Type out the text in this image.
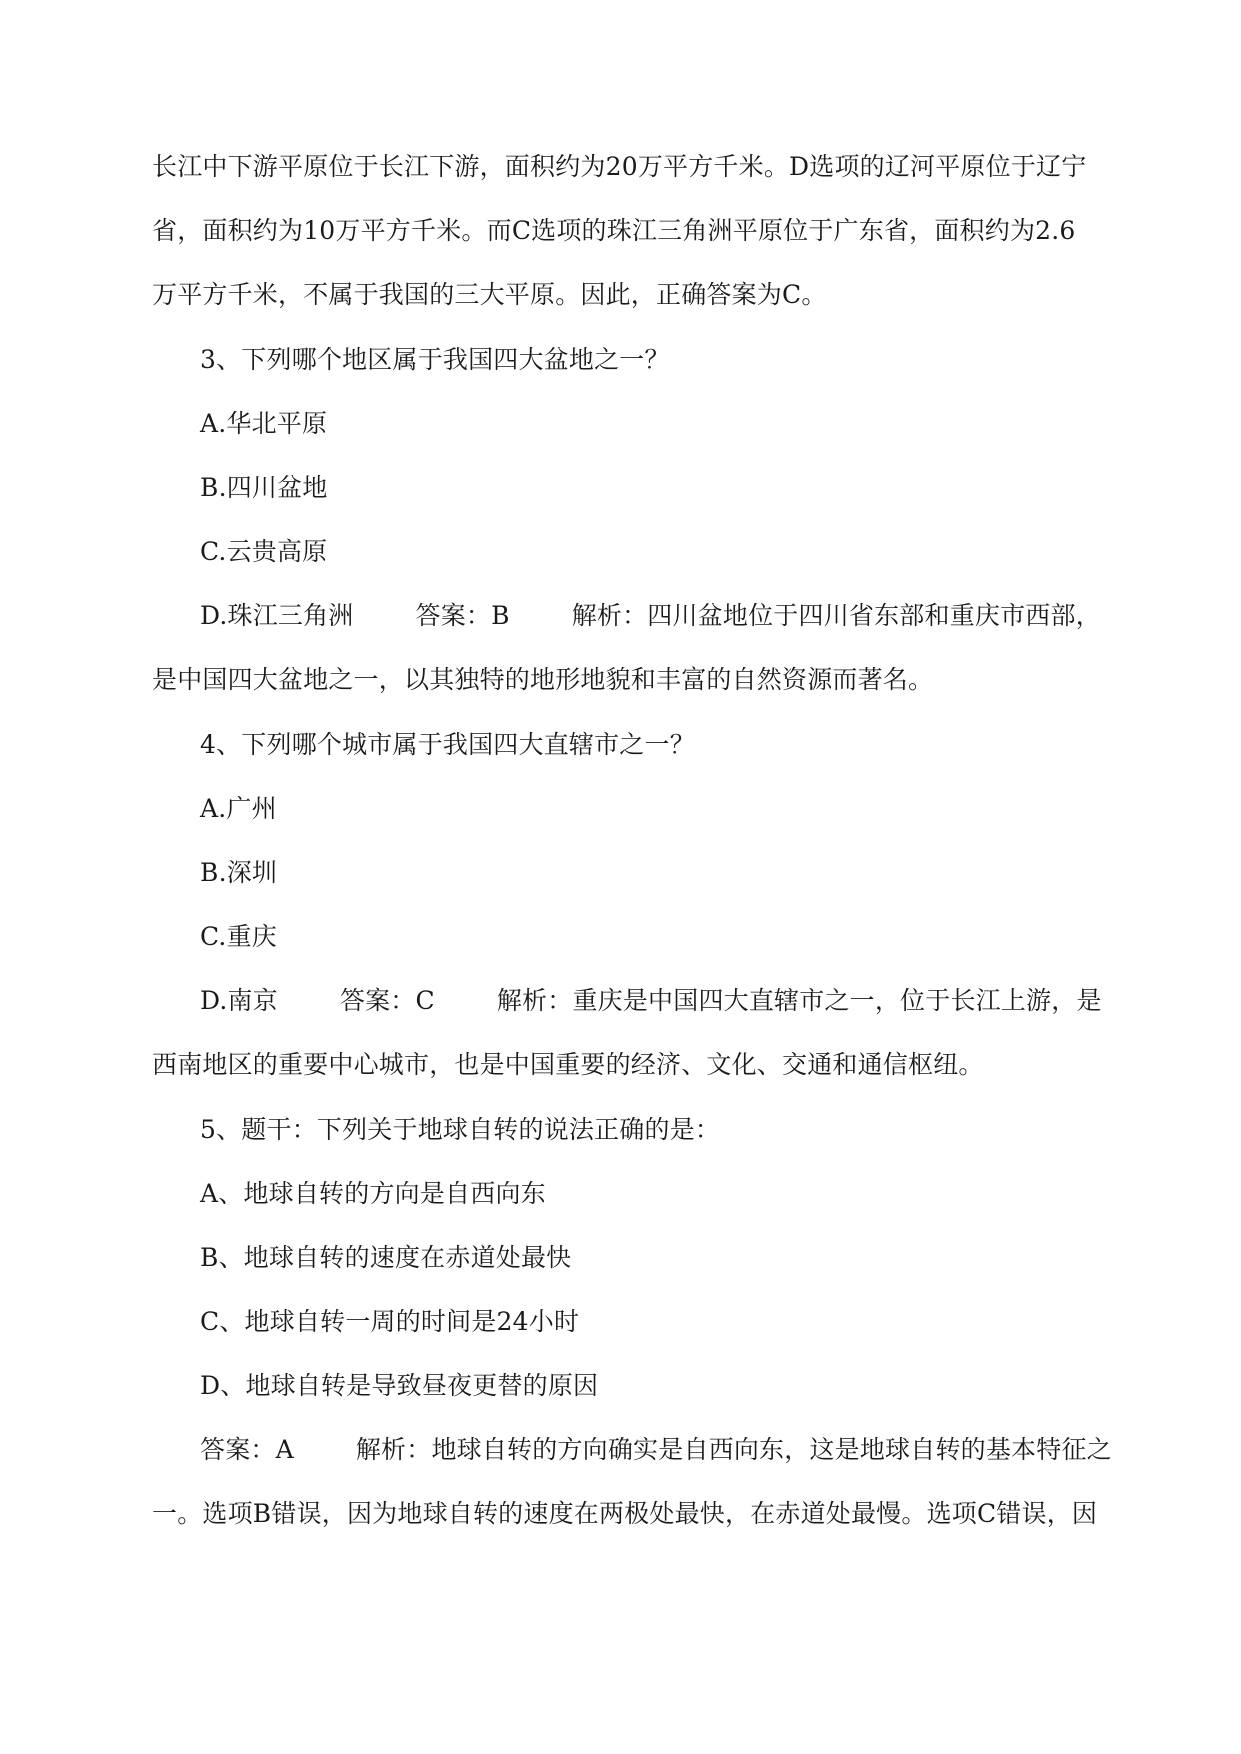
长江中下游平原位于长江下游，面积约为20万平方千米。D选项的辽河平原位于辽宁
省，面积约为10万平方千米。而C选项的珠江三角洲平原位于广东省，面积约为2.6
万平方千米，不属于我国的三大平原。因此，正确答案为C。
3、下列哪个地区属于我国四大盆地之一？
A.华北平原
B.四川盆地
C.云贵高原
D.珠江三角洲 答案：B 解析：四川盆地位于四川省东部和重庆市西部，
是中国四大盆地之一，以其独特的地形地貌和丰富的自然资源而著名。
4、下列哪个城市属于我国四大直辖市之一？
A.广州
B.深圳
C.重庆
D.南京 答案：C 解析：重庆是中国四大直辖市之一，位于长江上游，是
西南地区的重要中心城市，也是中国重要的经济、文化、交通和通信枢纽。
5、题干：下列关于地球自转的说法正确的是：
A、地球自转的方向是自西向东
B、地球自转的速度在赤道处最快
C、地球自转一周的时间是24小时
D、地球自转是导致昼夜更替的原因
答案：A 解析：地球自转的方向确实是自西向东，这是地球自转的基本特征之
一。选项B错误，因为地球自转的速度在两极处最快，在赤道处最慢。选项C错误，因
